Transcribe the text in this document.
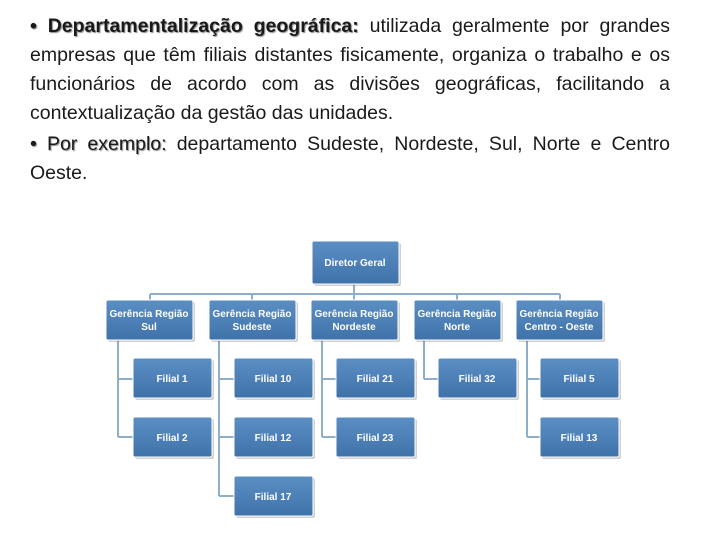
• Departamentalização geográfica: utilizada geralmente por grandes empresas que têm filiais distantes fisicamente, organiza o trabalho e os funcionários de acordo com as divisões geográficas, facilitando a contextualização da gestão das unidades.

• Por exemplo: departamento Sudeste, Nordeste, Sul, Norte e Centro Oeste.

Diretor Geral
Gerência Região
Sul
Gerência Região
Sudeste
Gerência Região
Nordeste
Gerência Região
Norte
Gerência Região
Centro - Oeste
Filial 1
Filial 2
Filial 10
Filial 12
Filial 17
Filial 21
Filial 23
Filial 32	Filial 5
Filial 13
